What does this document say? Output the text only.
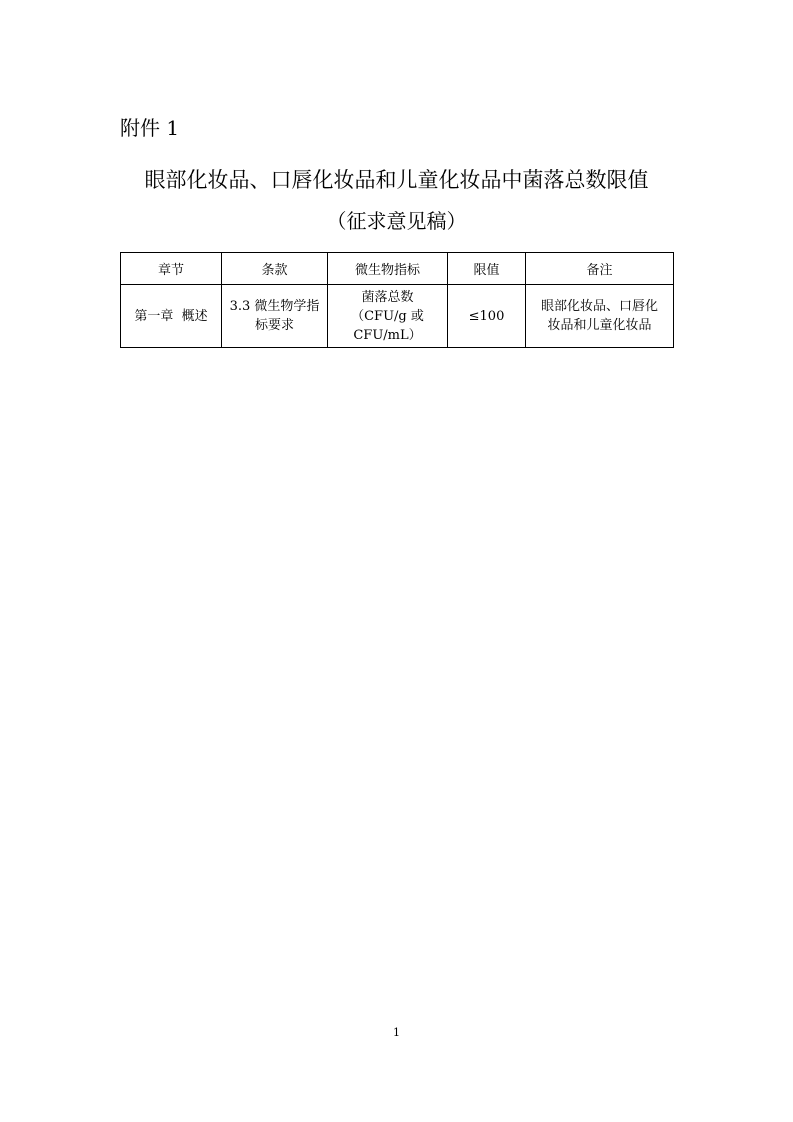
附件 1
眼部化妆品、口唇化妆品和儿童化妆品中菌落总数限值
（征求意见稿）
章节	条款	微生物指标	限值	备注

第一章  概述	3.3 微生物学指
标要求	菌落总数
（CFU/g 或
CFU/mL）	≤100	眼部化妆品、口唇化
妆品和儿童化妆品
1
